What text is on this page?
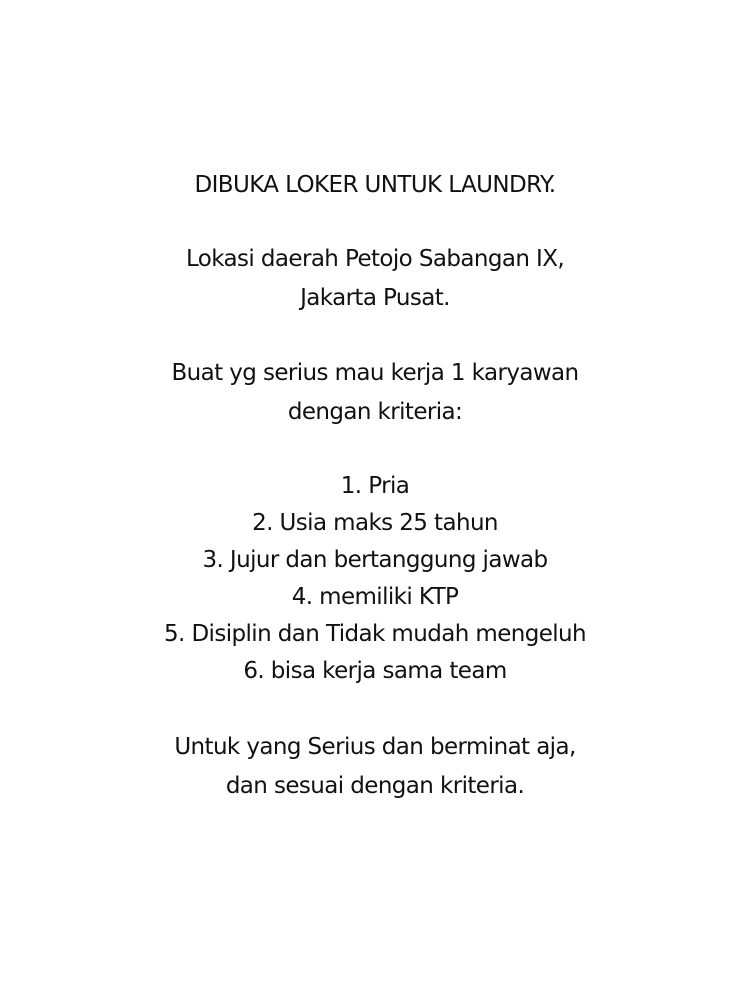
DIBUKA LOKER UNTUK LAUNDRY.
Lokasi daerah Petojo Sabangan IX,
Jakarta Pusat.
Buat yg serius mau kerja 1 karyawan
dengan kriteria:
1. Pria
2. Usia maks 25 tahun
3. Jujur dan bertanggung jawab
4. memiliki KTP
5. Disiplin dan Tidak mudah mengeluh
6. bisa kerja sama team
Untuk yang Serius dan berminat aja,
dan sesuai dengan kriteria.
